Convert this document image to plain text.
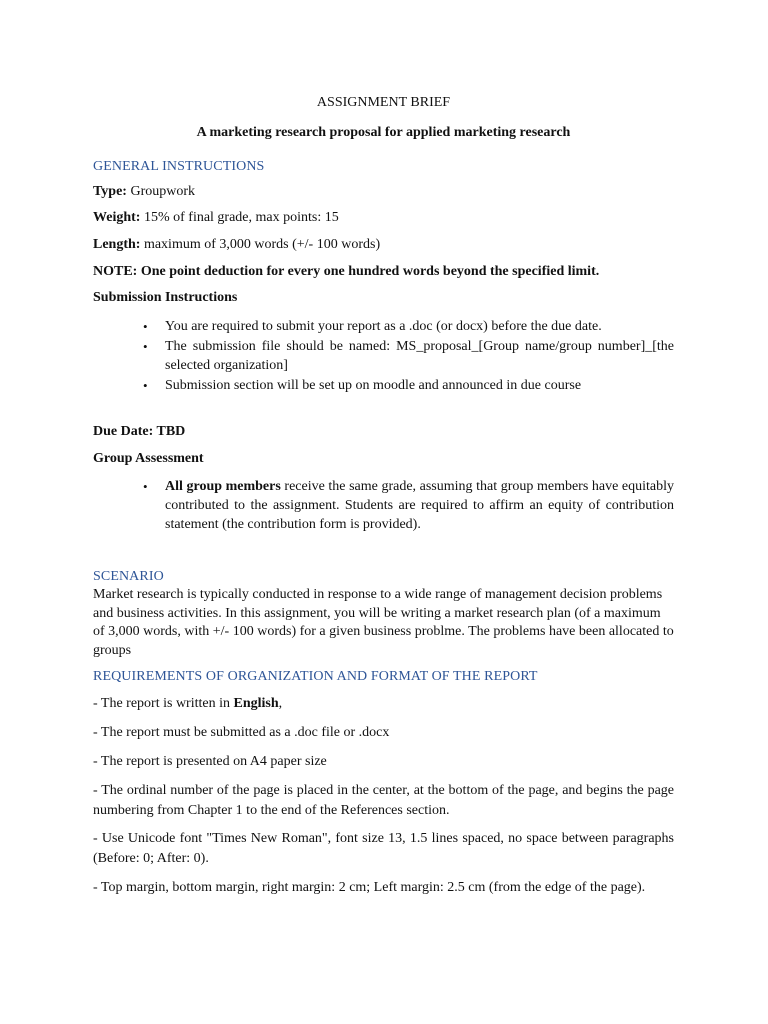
ASSIGNMENT BRIEF
A marketing research proposal for applied marketing research
GENERAL INSTRUCTIONS
Type: Groupwork
Weight: 15% of final grade, max points: 15
Length: maximum of 3,000 words (+/- 100 words)
NOTE: One point deduction for every one hundred words beyond the specified limit.
Submission Instructions
• You are required to submit your report as a .doc (or docx) before the due date.
• The submission file should be named: MS_proposal_[Group name/group number]_[the selected organization]
• Submission section will be set up on moodle and announced in due course
Due Date: TBD
Group Assessment
• All group members receive the same grade, assuming that group members have equitably contributed to the assignment. Students are required to affirm an equity of contribution statement (the contribution form is provided).
SCENARIO
Market research is typically conducted in response to a wide range of management decision problems and business activities. In this assignment, you will be writing a market research plan (of a maximum of 3,000 words, with +/- 100 words) for a given business problme. The problems have been allocated to groups
REQUIREMENTS OF ORGANIZATION AND FORMAT OF THE REPORT
- The report is written in English,
- The report must be submitted as a .doc file or .docx
- The report is presented on A4 paper size
- The ordinal number of the page is placed in the center, at the bottom of the page, and begins the page numbering from Chapter 1 to the end of the References section.
- Use Unicode font "Times New Roman", font size 13, 1.5 lines spaced, no space between paragraphs (Before: 0; After: 0).
- Top margin, bottom margin, right margin: 2 cm; Left margin: 2.5 cm (from the edge of the page).
